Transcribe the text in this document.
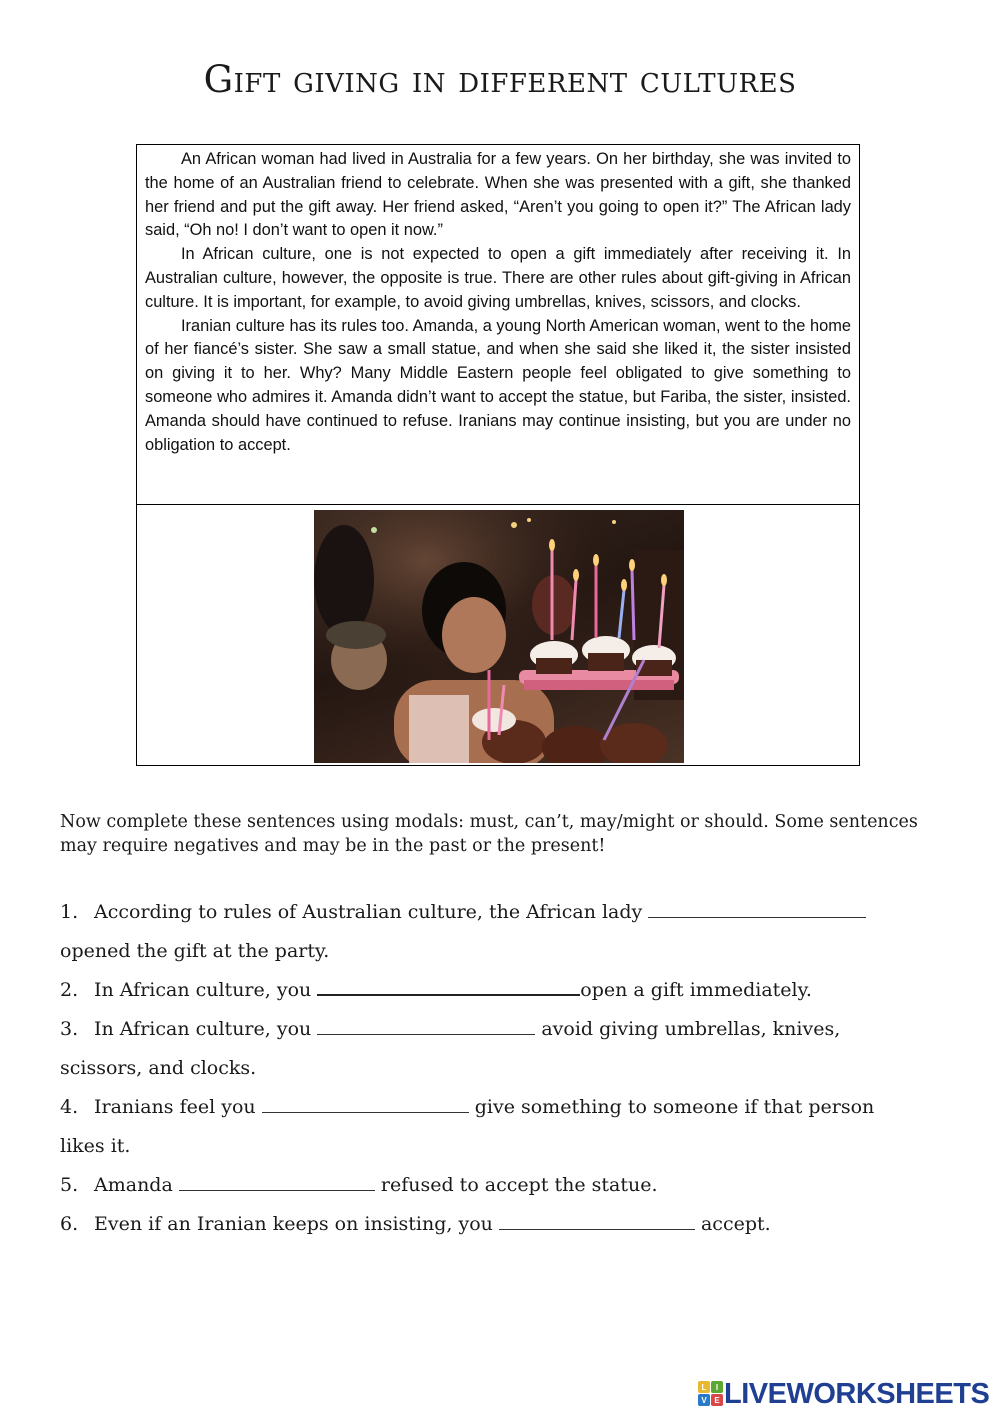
Gift giving in different cultures

An African woman had lived in Australia for a few years. On her birthday, she was invited to the home of an Australian friend to celebrate. When she was presented with a gift, she thanked her friend and put the gift away. Her friend asked, “Aren’t you going to open it?” The African lady said, “Oh no! I don’t want to open it now.”

In African culture, one is not expected to open a gift immediately after receiving it. In Australian culture, however, the opposite is true. There are other rules about gift-giving in African culture. It is important, for example, to avoid giving umbrellas, knives, scissors, and clocks.

Iranian culture has its rules too. Amanda, a young North American woman, went to the home of her fiancé’s sister. She saw a small statue, and when she said she liked it, the sister insisted on giving it to her. Why? Many Middle Eastern people feel obligated to give something to someone who admires it. Amanda didn’t want to accept the statue, but Fariba, the sister, insisted. Amanda should have continued to refuse. Iranians may continue insisting, but you are under no obligation to accept.

Now complete these sentences using modals: must, can’t, may/might or should. Some sentences may require negatives and may be in the past or the present!
1. According to rules of Australian culture, the African lady
opened the gift at the party.
2. In African culture, you	open a gift immediately.
3. In African culture, you	avoid giving umbrellas, knives,
scissors, and clocks.
4. Iranians feel you	give something to someone if that person
likes it.
5. Amanda	refused to accept the statue.
6. Even if an Iranian keeps on insisting, you	accept.
L I
V E LIVEWORKSHEETS
